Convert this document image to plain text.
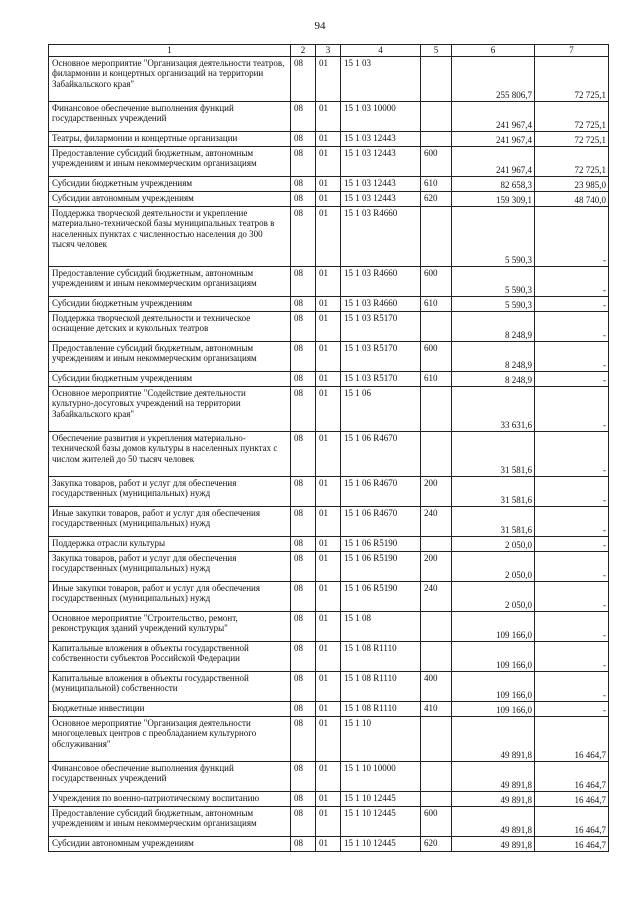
94
1	2	3	4	5	6	7
Основное мероприятие "Организация деятельности театров, филармонии и концертных организаций на территории Забайкальского края"	08	01	15 1 03		255 806,7	72 725,1
Финансовое обеспечение выполнения функций государственных учреждений	08	01	15 1 03 10000		241 967,4	72 725,1
Театры, филармонии и концертные организации	08	01	15 1 03 12443		241 967,4	72 725,1
Предоставление субсидий бюджетным, автономным учреждениям и иным некоммерческим организациям	08	01	15 1 03 12443	600	241 967,4	72 725,1
Субсидии бюджетным учреждениям	08	01	15 1 03 12443	610	82 658,3	23 985,0
Субсидии автономным учреждениям	08	01	15 1 03 12443	620	159 309,1	48 740,0
Поддержка творческой деятельности и укрепление материально-технической базы муниципальных театров в населенных пунктах с численностью населения до 300 тысяч человек	08	01	15 1 03 R4660		5 590,3	-
Предоставление субсидий бюджетным, автономным учреждениям и иным некоммерческим организациям	08	01	15 1 03 R4660	600	5 590,3	-
Субсидии бюджетным учреждениям	08	01	15 1 03 R4660	610	5 590,3	-
Поддержка творческой деятельности и техническое оснащение детских и кукольных театров	08	01	15 1 03 R5170		8 248,9	-
Предоставление субсидий бюджетным, автономным учреждениям и иным некоммерческим организациям	08	01	15 1 03 R5170	600	8 248,9	-
Субсидии бюджетным учреждениям	08	01	15 1 03 R5170	610	8 248,9	-
Основное мероприятие "Содействие деятельности культурно-досуговых учреждений на территории Забайкальского края"	08	01	15 1 06		33 631,6	-
Обеспечение развития и укрепления материально-технической базы домов культуры в населенных пунктах с числом жителей до 50 тысяч человек	08	01	15 1 06 R4670		31 581,6	-
Закупка товаров, работ и услуг для обеспечения государственных (муниципальных) нужд	08	01	15 1 06 R4670	200	31 581,6	-
Иные закупки товаров, работ и услуг для обеспечения государственных (муниципальных) нужд	08	01	15 1 06 R4670	240	31 581,6	-
Поддержка отрасли культуры	08	01	15 1 06 R5190		2 050,0	-
Закупка товаров, работ и услуг для обеспечения государственных (муниципальных) нужд	08	01	15 1 06 R5190	200	2 050,0	-
Иные закупки товаров, работ и услуг для обеспечения государственных (муниципальных) нужд	08	01	15 1 06 R5190	240	2 050,0	-
Основное мероприятие "Строительство, ремонт, реконструкция зданий учреждений культуры"	08	01	15 1 08		109 166,0	-
Капитальные вложения в объекты государственной собственности субъектов Российской Федерации	08	01	15 1 08 R1110		109 166,0	-
Капитальные вложения в объекты государственной (муниципальной) собственности	08	01	15 1 08 R1110	400	109 166,0	-
Бюджетные инвестиции	08	01	15 1 08 R1110	410	109 166,0	-
Основное мероприятие "Организация деятельности многоцелевых центров с преобладанием культурного обслуживания"	08	01	15 1 10		49 891,8	16 464,7
Финансовое обеспечение выполнения функций государственных учреждений	08	01	15 1 10 10000		49 891,8	16 464,7
Учреждения по военно-патриотическому воспитанию	08	01	15 1 10 12445		49 891,8	16 464,7
Предоставление субсидий бюджетным, автономным учреждениям и иным некоммерческим организациям	08	01	15 1 10 12445	600	49 891,8	16 464,7
Субсидии автономным учреждениям	08	01	15 1 10 12445	620	49 891,8	16 464,7
